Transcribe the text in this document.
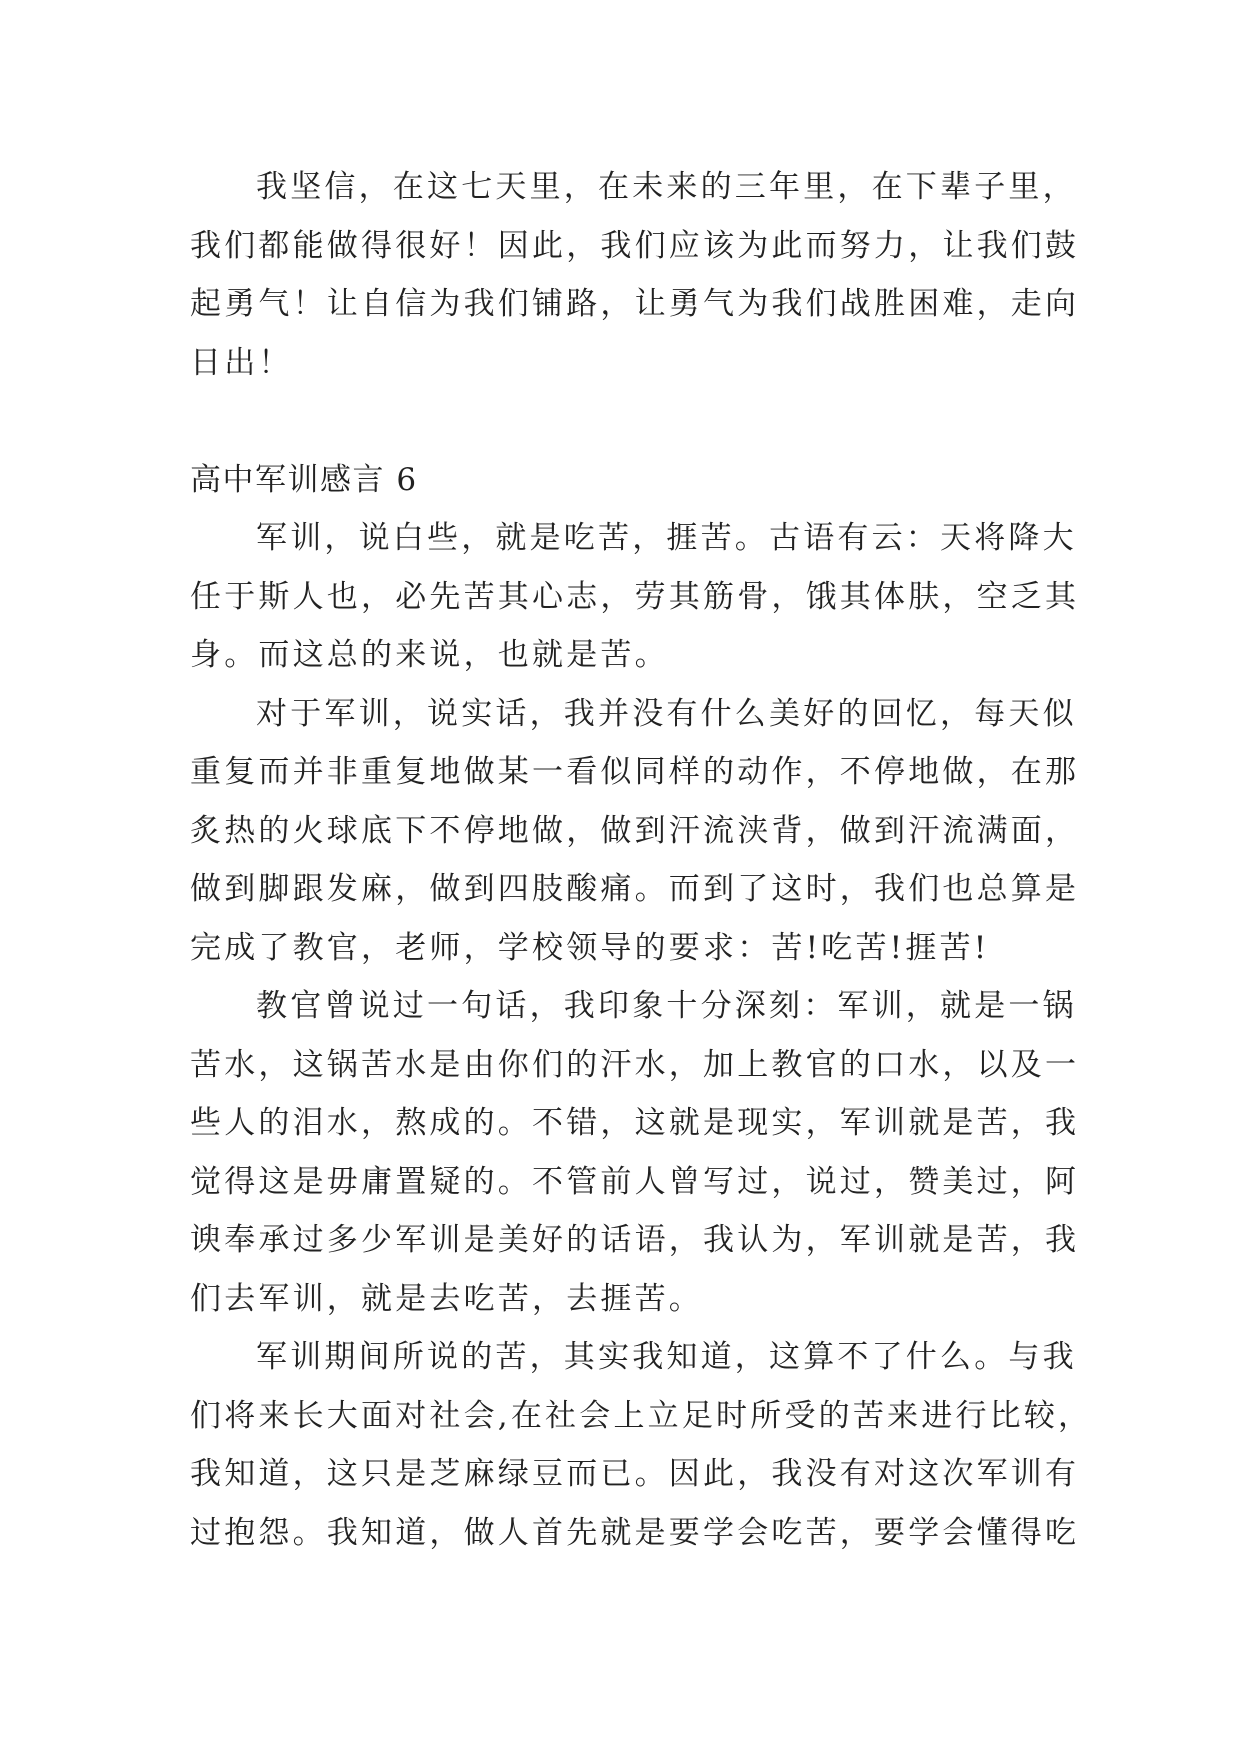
我坚信，在这七天里，在未来的三年里，在下辈子里，
我们都能做得很好！因此，我们应该为此而努力，让我们鼓
起勇气！让自信为我们铺路，让勇气为我们战胜困难，走向
日出！

高中军训感言 6

军训，说白些，就是吃苦，捱苦。古语有云：天将降大
任于斯人也，必先苦其心志，劳其筋骨，饿其体肤，空乏其
身。而这总的来说，也就是苦。

对于军训，说实话，我并没有什么美好的回忆，每天似
重复而并非重复地做某一看似同样的动作，不停地做，在那
炙热的火球底下不停地做，做到汗流浃背，做到汗流满面，
做到脚跟发麻，做到四肢酸痛。而到了这时，我们也总算是
完成了教官，老师，学校领导的要求：苦!吃苦!捱苦!

教官曾说过一句话，我印象十分深刻：军训，就是一锅
苦水，这锅苦水是由你们的汗水，加上教官的口水，以及一
些人的泪水，熬成的。不错，这就是现实，军训就是苦，我
觉得这是毋庸置疑的。不管前人曾写过，说过，赞美过，阿
谀奉承过多少军训是美好的话语，我认为，军训就是苦，我
们去军训，就是去吃苦，去捱苦。

军训期间所说的苦，其实我知道，这算不了什么。与我
们将来长大面对社会,在社会上立足时所受的苦来进行比较，
我知道，这只是芝麻绿豆而已。因此，我没有对这次军训有
过抱怨。我知道，做人首先就是要学会吃苦，要学会懂得吃
